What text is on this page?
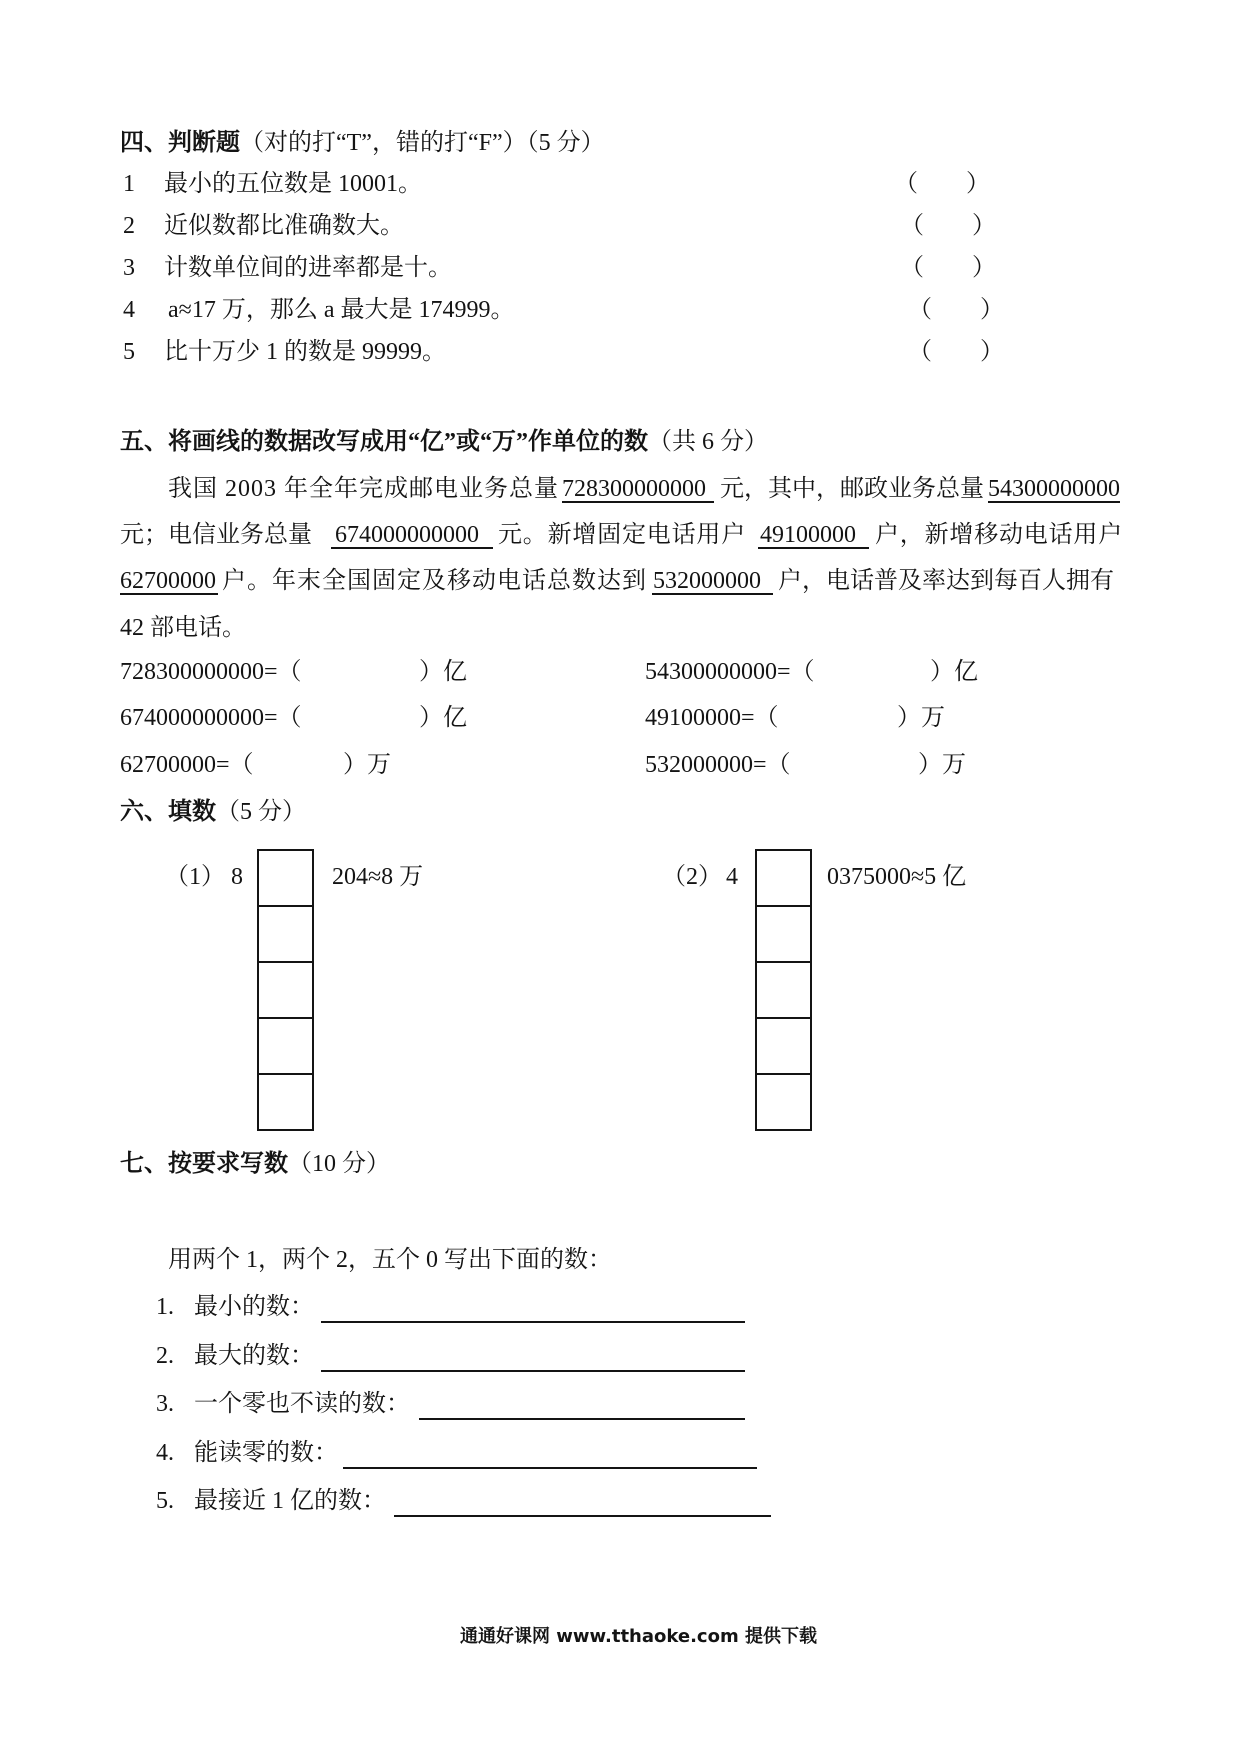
四、判断题（对的打“T”，错的打“F”）（5 分）
1 最小的五位数是 10001。	（　　）
2 近似数都比准确数大。	（　　）
3 计数单位间的进率都是十。	（　　）
4 a≈17 万，那么 a 最大是 174999。	（　　）
5 比十万少 1 的数是 99999。	（　　）
五、将画线的数据改写成用“亿”或“万”作单位的数（共 6 分）
我国 2003 年全年完成邮电业务总量 728300000000 元，其中，邮政业务总量 54300000000
元；电信业务总量 674000000000 元。新增固定电话用户 49100000 户，新增移动电话用户
62700000 户。年末全国固定及移动电话总数达到 532000000 户，电话普及率达到每百人拥有
42 部电话。
728300000000=（	）亿	54300000000=（	）亿
674000000000=（	）亿	49100000=（	）万
62700000=（	）万	532000000=（	）万
六、填数（5 分）
（1） 8	204≈8 万	（2） 4	0375000≈5 亿
七、按要求写数（10 分）
用两个 1，两个 2，五个 0 写出下面的数：
1. 最小的数：
2. 最大的数：
3. 一个零也不读的数：
4. 能读零的数：
5. 最接近 1 亿的数：
通通好课网 www.tthaoke.com 提供下载
